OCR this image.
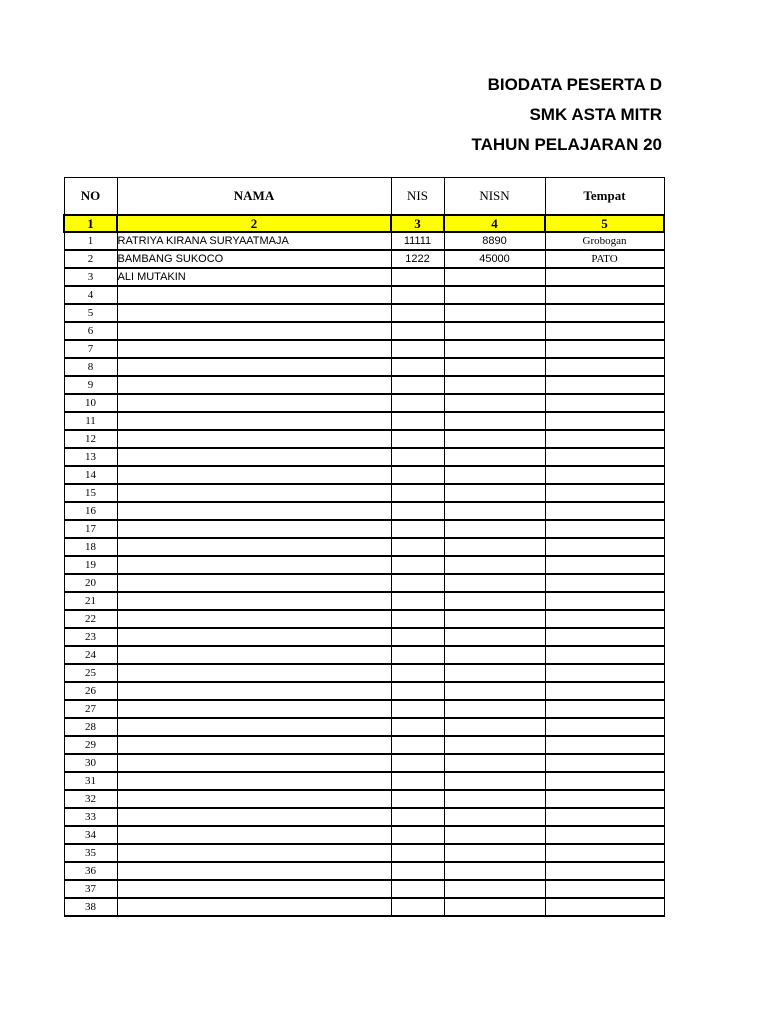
BIODATA PESERTA D
SMK ASTA MITR
TAHUN PELAJARAN 20
NO	NAMA	NIS	NISN	Tempat
1	2	3	4	5
1	RATRIYA KIRANA SURYAATMAJA	11111	8890	Grobogan
2	BAMBANG SUKOCO	1222	45000	PATO
3	ALI MUTAKIN			
4				
5				
6				
7				
8				
9				
10				
11				
12				
13				
14				
15				
16				
17				
18				
19				
20				
21				
22				
23				
24				
25				
26				
27				
28				
29				
30				
31				
32				
33				
34				
35				
36				
37				
38				
